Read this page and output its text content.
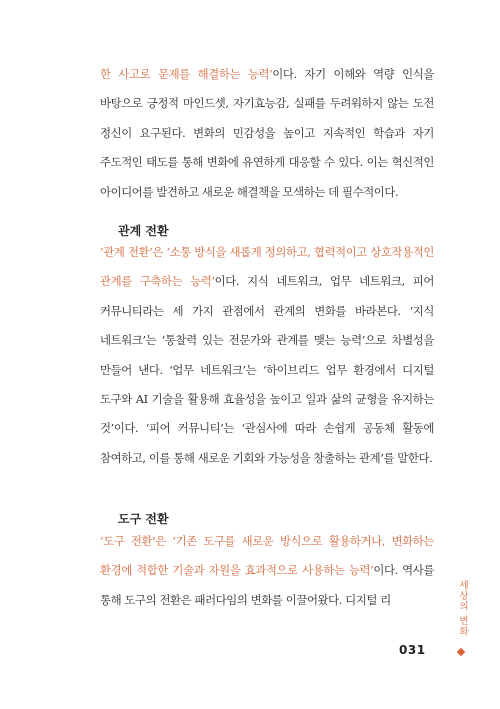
한 사고로 문제를 해결하는 능력’이다. 자기 이해와 역량 인식을 바탕으로 긍정적 마인드셋, 자기효능감, 실패를 두려워하지 않는 도전 정신이 요구된다. 변화의 민감성을 높이고 지속적인 학습과 자기 주도적인 태도를 통해 변화에 유연하게 대응할 수 있다. 이는 혁신적인 아이디어를 발견하고 새로운 해결책을 모색하는 데 필수적이다.

관계 전환

‘관계 전환’은 ‘소통 방식을 새롭게 정의하고, 협력적이고 상호작용적인 관계를 구축하는 능력’이다. 지식 네트워크, 업무 네트워크, 피어 커뮤니티라는 세 가지 관점에서 관계의 변화를 바라본다. ‘지식 네트워크’는 ‘통찰력 있는 전문가와 관계를 맺는 능력’으로 차별성을 만들어 낸다. ‘업무 네트워크’는 ‘하이브리드 업무 환경에서 디지털 도구와 AI 기술을 활용해 효율성을 높이고 일과 삶의 균형을 유지하는 것’이다. ‘피어 커뮤니티’는 ‘관심사에 따라 손쉽게 공동체 활동에 참여하고, 이를 통해 새로운 기회와 가능성을 창출하는 관계’를 말한다.

도구 전환

‘도구 전환’은 ‘기존 도구를 새로운 방식으로 활용하거나, 변화하는 환경에 적합한 기술과 자원을 효과적으로 사용하는 능력’이다. 역사를 통해 도구의 전환은 패러다임의 변화를 이끌어왔다. 디지털 리	세상의 변화
031
